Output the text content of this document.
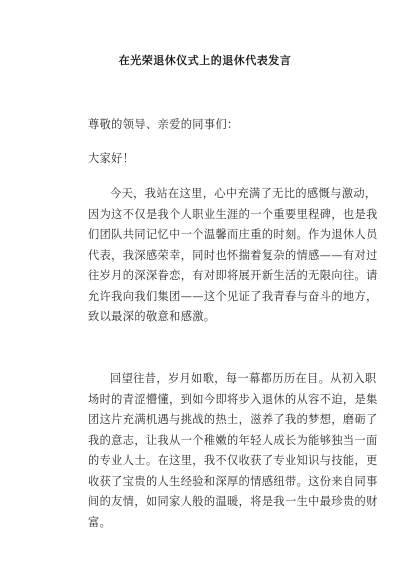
在光荣退休仪式上的退休代表发言
尊敬的领导、亲爱的同事们：
大家好！
今天，我站在这里，心中充满了无比的感慨与激动，
因为这不仅是我个人职业生涯的一个重要里程碑，也是我
们团队共同记忆中一个温馨而庄重的时刻。作为退休人员
代表，我深感荣幸，同时也怀揣着复杂的情感——有对过
往岁月的深深眷恋，有对即将展开新生活的无限向往。请
允许我向我们集团——这个见证了我青春与奋斗的地方，
致以最深的敬意和感激。
回望往昔，岁月如歌，每一幕都历历在目。从初入职
场时的青涩懵懂，到如今即将步入退休的从容不迫，是集
团这片充满机遇与挑战的热土，滋养了我的梦想，磨砺了
我的意志，让我从一个稚嫩的年轻人成长为能够独当一面
的专业人士。在这里，我不仅收获了专业知识与技能，更
收获了宝贵的人生经验和深厚的情感纽带。这份来自同事
间的友情，如同家人般的温暖，将是我一生中最珍贵的财
富。
